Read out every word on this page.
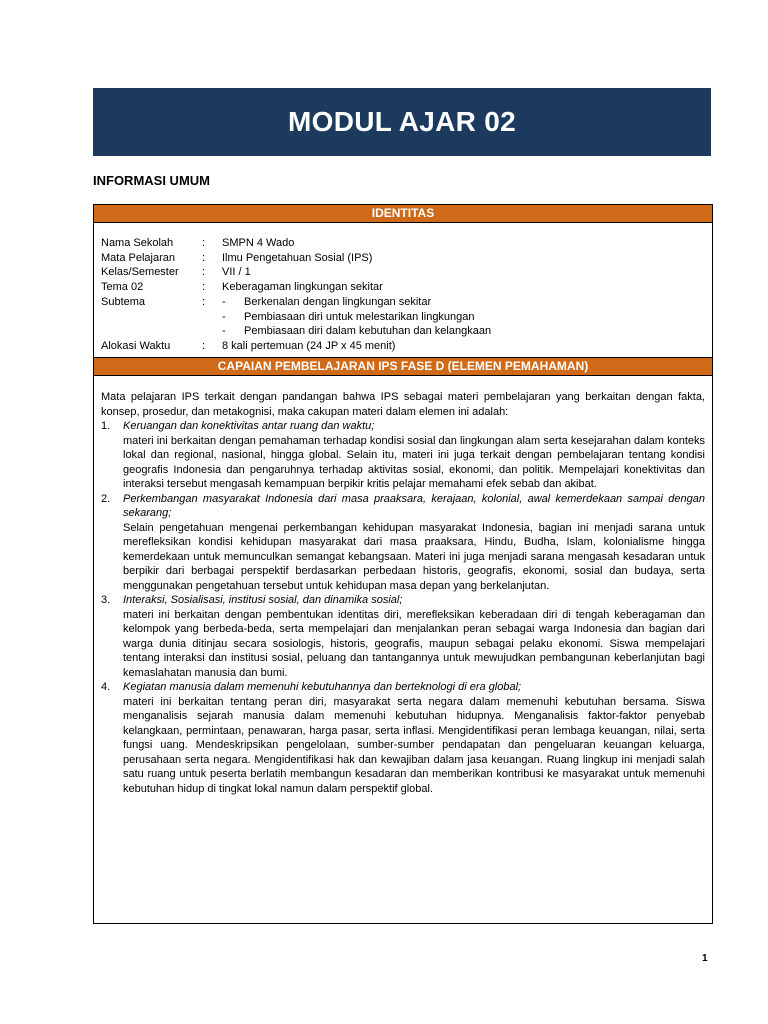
MODUL AJAR 02
INFORMASI UMUM
IDENTITAS
Nama Sekolah	:	SMPN 4 Wado
Mata Pelajaran	:	Ilmu Pengetahuan Sosial (IPS)
Kelas/Semester	:	VII / 1
Tema 02	:	Keberagaman lingkungan sekitar
Subtema	:	-	Berkenalan dengan lingkungan sekitar
-	Pembiasaan diri untuk melestarikan lingkungan
-	Pembiasaan diri dalam kebutuhan dan kelangkaan
Alokasi Waktu	:	8 kali pertemuan (24 JP x 45 menit)
CAPAIAN PEMBELAJARAN IPS FASE D (ELEMEN PEMAHAMAN)

Mata pelajaran IPS terkait dengan pandangan bahwa IPS sebagai materi pembelajaran yang berkaitan dengan fakta, konsep, prosedur, dan metakognisi, maka cakupan materi dalam elemen ini adalah:

1.	Keruangan dan konektivitas antar ruang dan waktu;

materi ini berkaitan dengan pemahaman terhadap kondisi sosial dan lingkungan alam serta kesejarahan dalam konteks lokal dan regional, nasional, hingga global. Selain itu, materi ini juga terkait dengan pembelajaran tentang kondisi geografis Indonesia dan pengaruhnya terhadap aktivitas sosial, ekonomi, dan politik. Mempelajari konektivitas dan interaksi tersebut mengasah kemampuan berpikir kritis pelajar memahami efek sebab dan akibat.

2.	Perkembangan masyarakat Indonesia dari masa praaksara, kerajaan, kolonial, awal kemerdekaan sampai dengan sekarang;

Selain pengetahuan mengenai perkembangan kehidupan masyarakat Indonesia, bagian ini menjadi sarana untuk merefleksikan kondisi kehidupan masyarakat dari masa praaksara, Hindu, Budha, Islam, kolonialisme hingga kemerdekaan untuk memunculkan semangat kebangsaan. Materi ini juga menjadi sarana mengasah kesadaran untuk berpikir dari berbagai perspektif berdasarkan perbedaan historis, geografis, ekonomi, sosial dan budaya, serta menggunakan pengetahuan tersebut untuk kehidupan masa depan yang berkelanjutan.

3.	Interaksi, Sosialisasi, institusi sosial, dan dinamika sosial;

materi ini berkaitan dengan pembentukan identitas diri, merefleksikan keberadaan diri di tengah keberagaman dan kelompok yang berbeda-beda, serta mempelajari dan menjalankan peran sebagai warga Indonesia dan bagian dari warga dunia ditinjau secara sosiologis, historis, geografis, maupun sebagai pelaku ekonomi. Siswa mempelajari tentang interaksi dan institusi sosial, peluang dan tantangannya untuk mewujudkan pembangunan keberlanjutan bagi kemaslahatan manusia dan bumi.

4.	Kegiatan manusia dalam memenuhi kebutuhannya dan berteknologi di era global;

materi ini berkaitan tentang peran diri, masyarakat serta negara dalam memenuhi kebutuhan bersama. Siswa menganalisis sejarah manusia dalam memenuhi kebutuhan hidupnya. Menganalisis faktor-faktor penyebab kelangkaan, permintaan, penawaran, harga pasar, serta inflasi. Mengidentifikasi peran lembaga keuangan, nilai, serta fungsi uang. Mendeskripsikan pengelolaan, sumber-sumber pendapatan dan pengeluaran keuangan keluarga, perusahaan serta negara. Mengidentifikasi hak dan kewajiban dalam jasa keuangan. Ruang lingkup ini menjadi salah satu ruang untuk peserta berlatih membangun kesadaran dan memberikan kontribusi ke masyarakat untuk memenuhi kebutuhan hidup di tingkat lokal namun dalam perspektif global.

1
